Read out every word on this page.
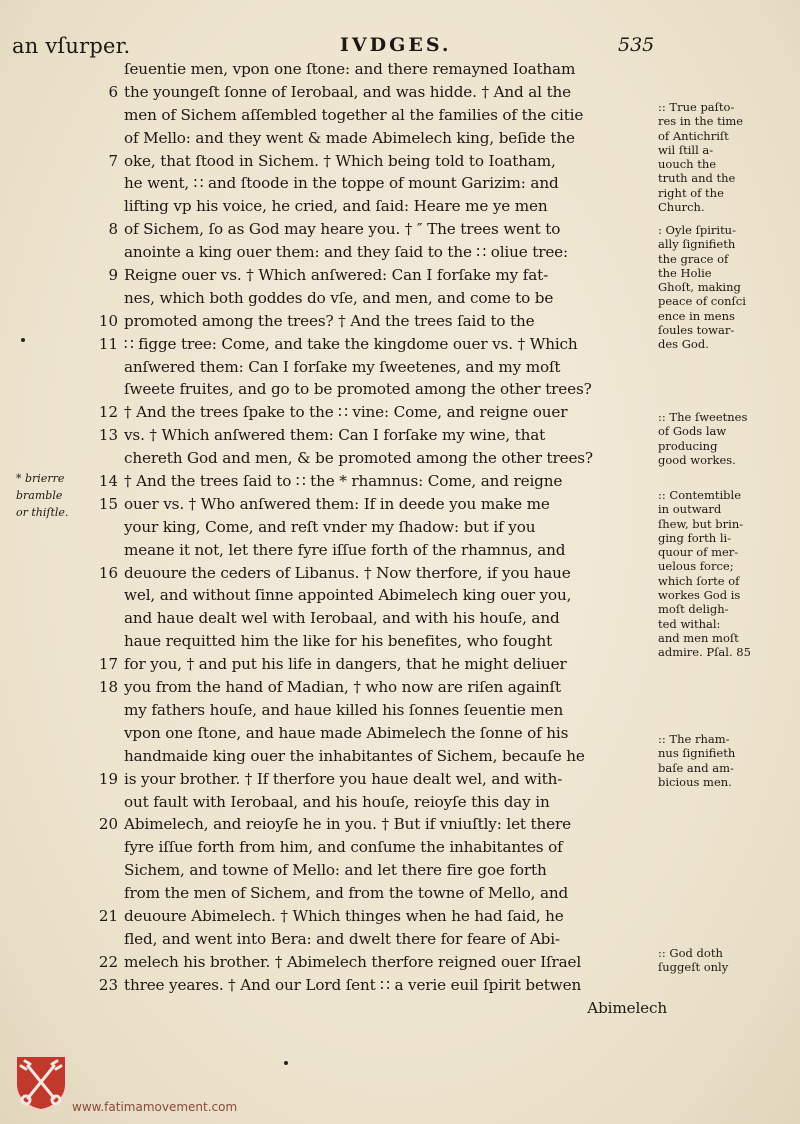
an vſurper.	IVDGES.	535
ſeuentie men, vpon one ſtone: and there remayned Ioatham
6 the youngeſt ſonne of Ierobaal, and was hidde. † And al the
men of Sichem aſſembled together al the families of the citie
of Mello: and they went & made Abimelech king, beſide the
7 oke, that ſtood in Sichem. † Which being told to Ioatham,
he went, ∷ and ſtoode in the toppe of mount Garizim: and
lifting vp his voice, he cried, and ſaid: Heare me ye men
8 of Sichem, ſo as God may heare you. † ″ The trees went to
anointe a king ouer them: and they ſaid to the ∷ oliue tree:
9 Reigne ouer vs. † Which anſwered: Can I forſake my fat-
nes, which both goddes do vſe, and men, and come to be
10 promoted among the trees? † And the trees ſaid to the
11 ∷ figge tree: Come, and take the kingdome ouer vs. † Which
anſwered them: Can I forſake my ſweetenes, and my moſt
ſweete fruites, and go to be promoted among the other trees?
12 † And the trees ſpake to the ∷ vine: Come, and reigne ouer
13 vs. † Which anſwered them: Can I forſake my wine, that
chereth God and men, & be promoted among the other trees?
14 † And the trees ſaid to ∷ the * rhamnus: Come, and reigne
15 ouer vs. † Who anſwered them: If in deede you make me
your king, Come, and reſt vnder my ſhadow: but if you
meane it not, let there fyre iſſue forth of the rhamnus, and
16 deuoure the ceders of Libanus. † Now therfore, if you haue
wel, and without ſinne appointed Abimelech king ouer you,
and haue dealt wel with Ierobaal, and with his houſe, and
haue requitted him the like for his benefites, who fought
17 for you, † and put his life in dangers, that he might deliuer
18 you from the hand of Madian, † who now are riſen againſt
my fathers houſe, and haue killed his ſonnes ſeuentie men
vpon one ſtone, and haue made Abimelech the ſonne of his
handmaide king ouer the inhabitantes of Sichem, becauſe he
19 is your brother. † If therfore you haue dealt wel, and with-
out fault with Ierobaal, and his houſe, reioyſe this day in
20 Abimelech, and reioyſe he in you. † But if vniuſtly: let there
fyre iſſue forth from him, and conſume the inhabitantes of
Sichem, and towne of Mello: and let there fire goe forth
from the men of Sichem, and from the towne of Mello, and
21 deuoure Abimelech. † Which thinges when he had ſaid, he
fled, and went into Bera: and dwelt there for feare of Abi-
22 melech his brother. † Abimelech therfore reigned ouer Iſrael
23 three yeares. † And our Lord ſent ∷ a verie euil ſpirit betwen
Abimelech
* brierre
bramble
or thiſtle.
:: True paſto-
res in the time
of Antichriſt
wil ſtill a-
uouch the
truth and the
right of the
Church.
: Oyle ſpiritu-
ally ſignifieth
the grace of
the Holie
Ghoſt, making
peace of conſci
ence in mens
ſoules towar-
des God.
:: The ſweetnes
of Gods law
producing
good workes.
:: Contemtible
in outward
ſhew, but brin-
ging forth li-
quour of mer-
uelous force;
which ſorte of
workes God is
moſt deligh-
ted withal:
and men moſt
admire. Pſal. 85
:: The rham-
nus ſignifieth
baſe and am-
bicious men.
:: God doth
ſuggeſt only
www.fatimamovement.com
